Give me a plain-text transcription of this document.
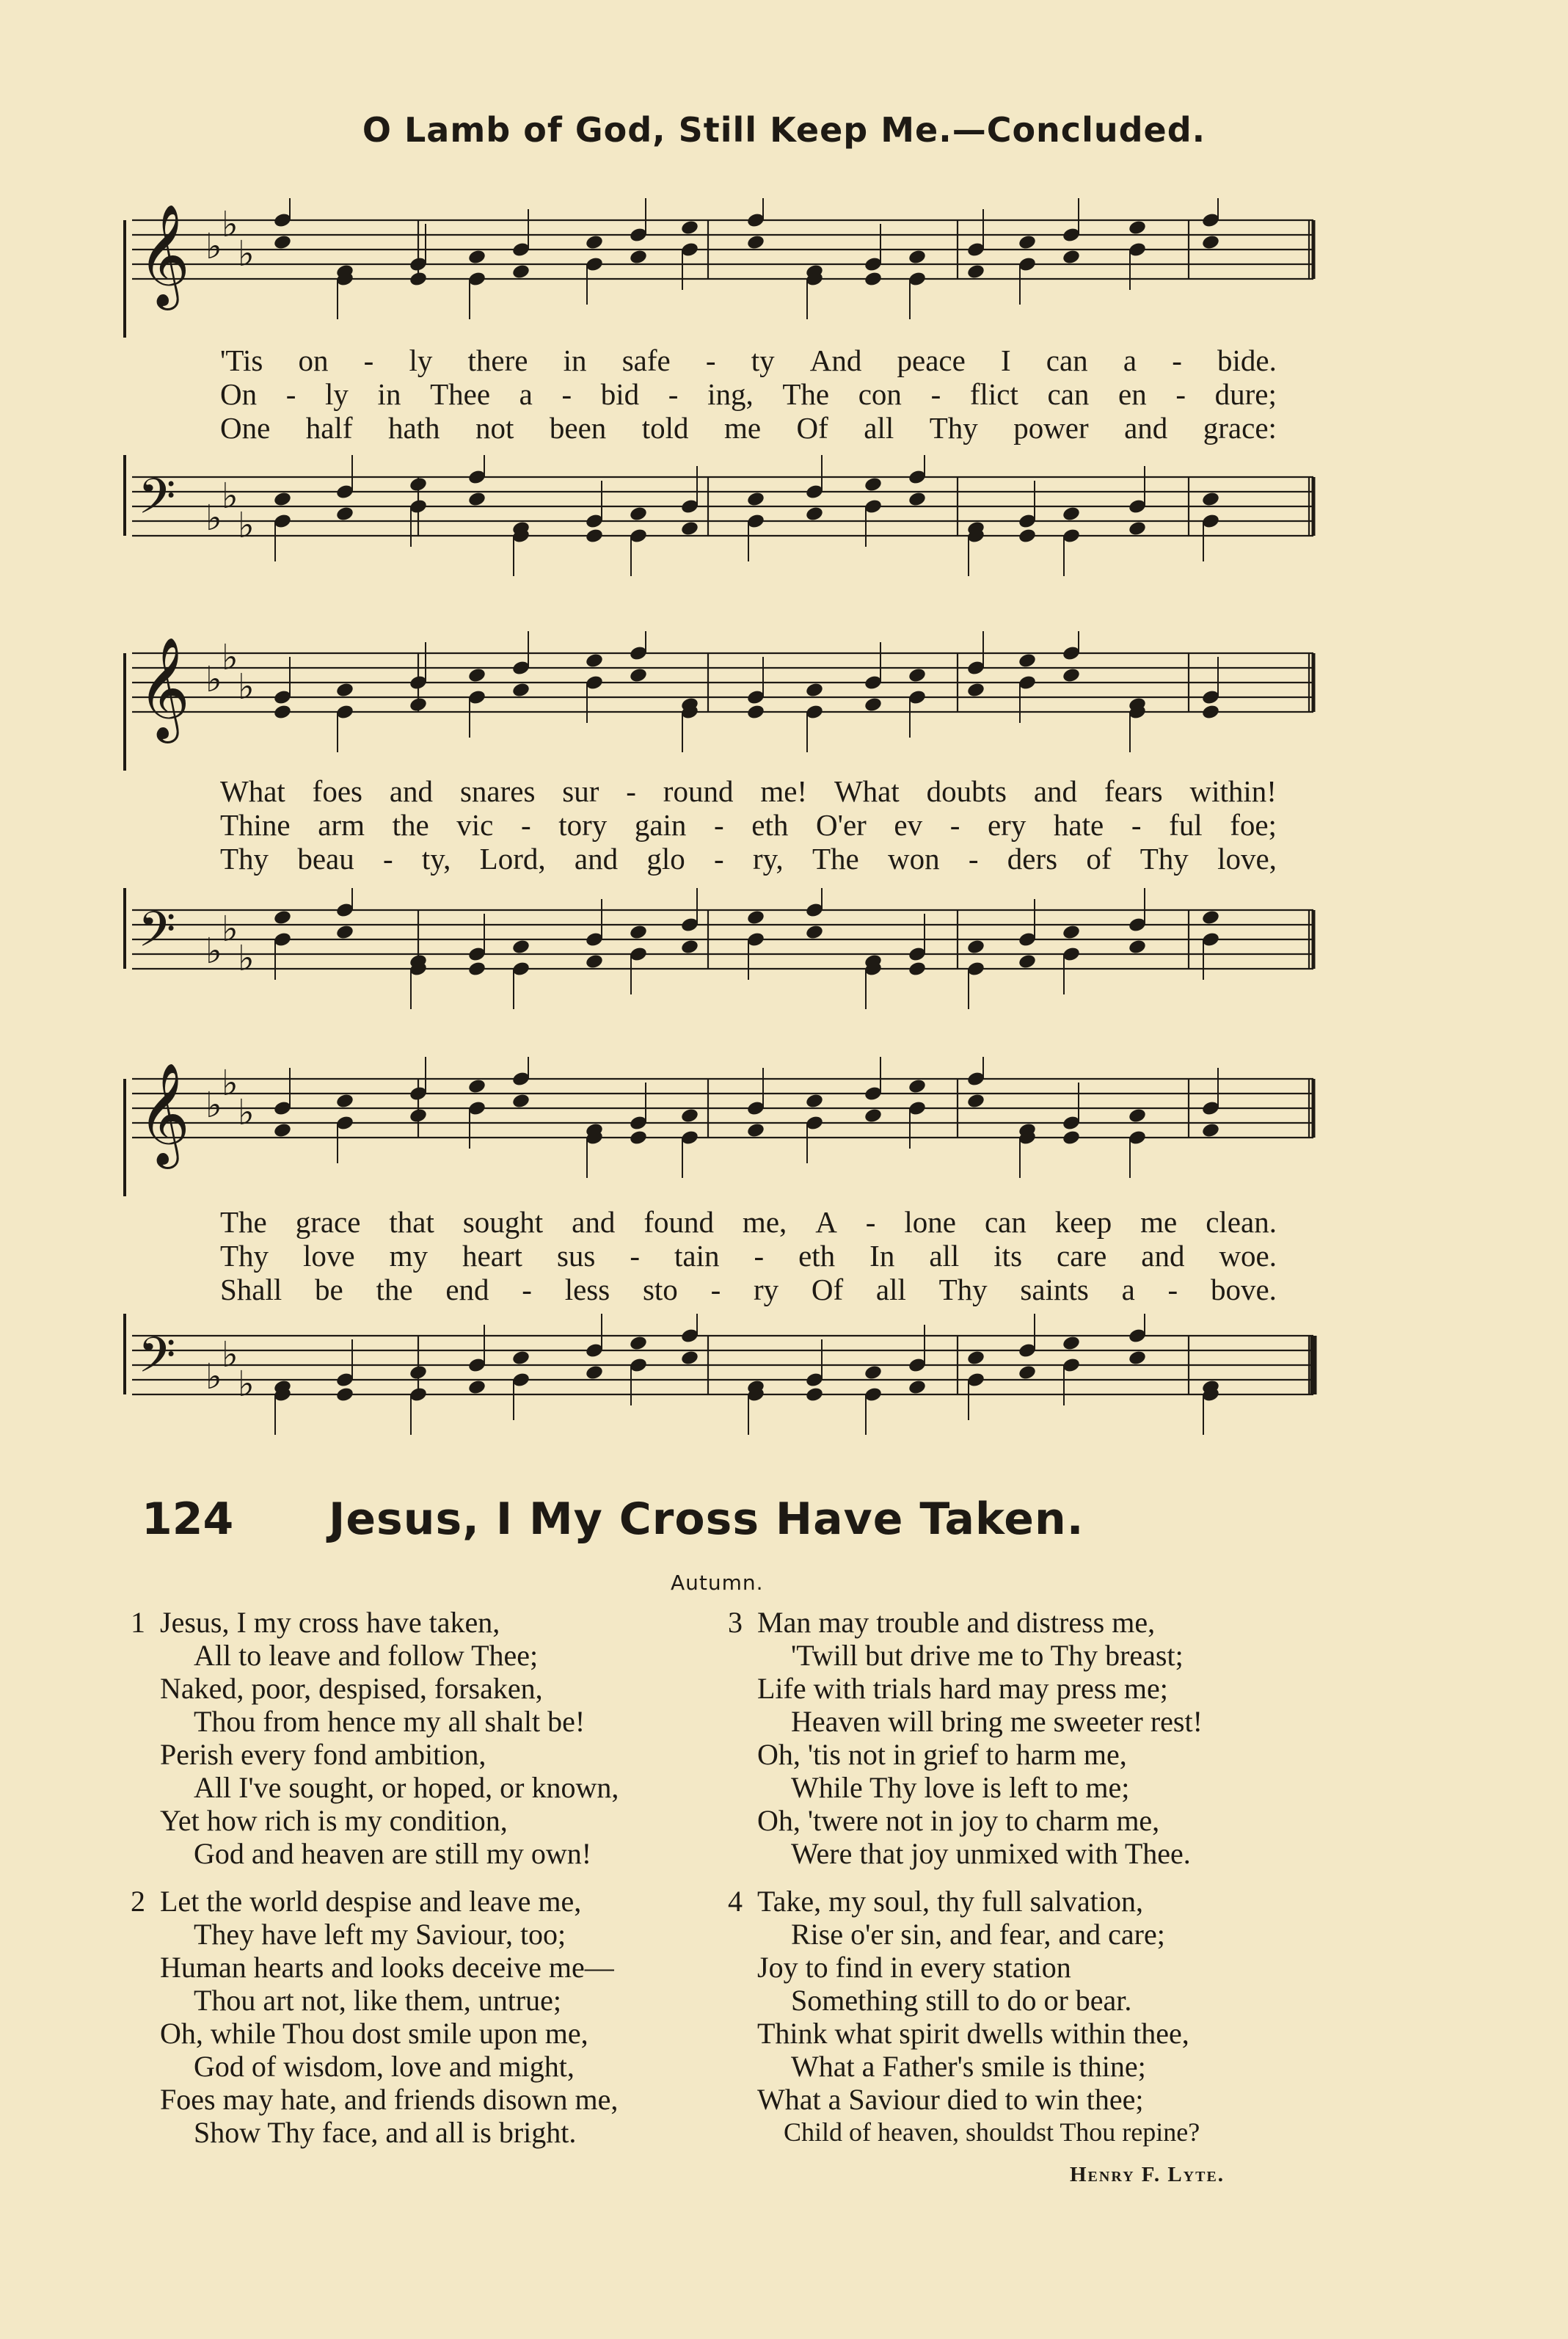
O Lamb of God, Still Keep Me.—Concluded.
𝄞 ♭
♭
♭
'Tis on - ly there in safe - ty And peace I can a - bide.
On - ly in Thee a - bid - ing, The con - flict can en - dure;
One half hath not been told me Of all Thy power and grace:
𝄢 ♭
♭
♭
𝄞 ♭
♭
♭
What foes and snares sur - round me! What doubts and fears within!
Thine arm the vic - tory gain - eth O'er ev - ery hate - ful foe;
Thy beau - ty, Lord, and glo - ry, The won - ders of Thy love,
𝄢 ♭
♭
♭
𝄞 ♭
♭
♭
The grace that sought and found me, A - lone can keep me clean.
Thy love my heart sus - tain - eth In all its care and woe.
Shall be the end - less sto - ry Of all Thy saints a - bove.
𝄢 ♭
♭
♭
124 Jesus, I My Cross Have Taken.
Autumn.
1 Jesus, I my cross have taken,
All to leave and follow Thee;
Naked, poor, despised, forsaken,
Thou from hence my all shalt be!
Perish every fond ambition,
All I've sought, or hoped, or known,
Yet how rich is my condition,
God and heaven are still my own!
3 Man may trouble and distress me,
'Twill but drive me to Thy breast;
Life with trials hard may press me;
Heaven will bring me sweeter rest!
Oh, 'tis not in grief to harm me,
While Thy love is left to me;
Oh, 'twere not in joy to charm me,
Were that joy unmixed with Thee.
2 Let the world despise and leave me,
They have left my Saviour, too;
Human hearts and looks deceive me—
Thou art not, like them, untrue;
Oh, while Thou dost smile upon me,
God of wisdom, love and might,
Foes may hate, and friends disown me,
Show Thy face, and all is bright.
4 Take, my soul, thy full salvation,
Rise o'er sin, and fear, and care;
Joy to find in every station
Something still to do or bear.
Think what spirit dwells within thee,
What a Father's smile is thine;
What a Saviour died to win thee;
Child of heaven, shouldst Thou repine?
Henry F. Lyte.
